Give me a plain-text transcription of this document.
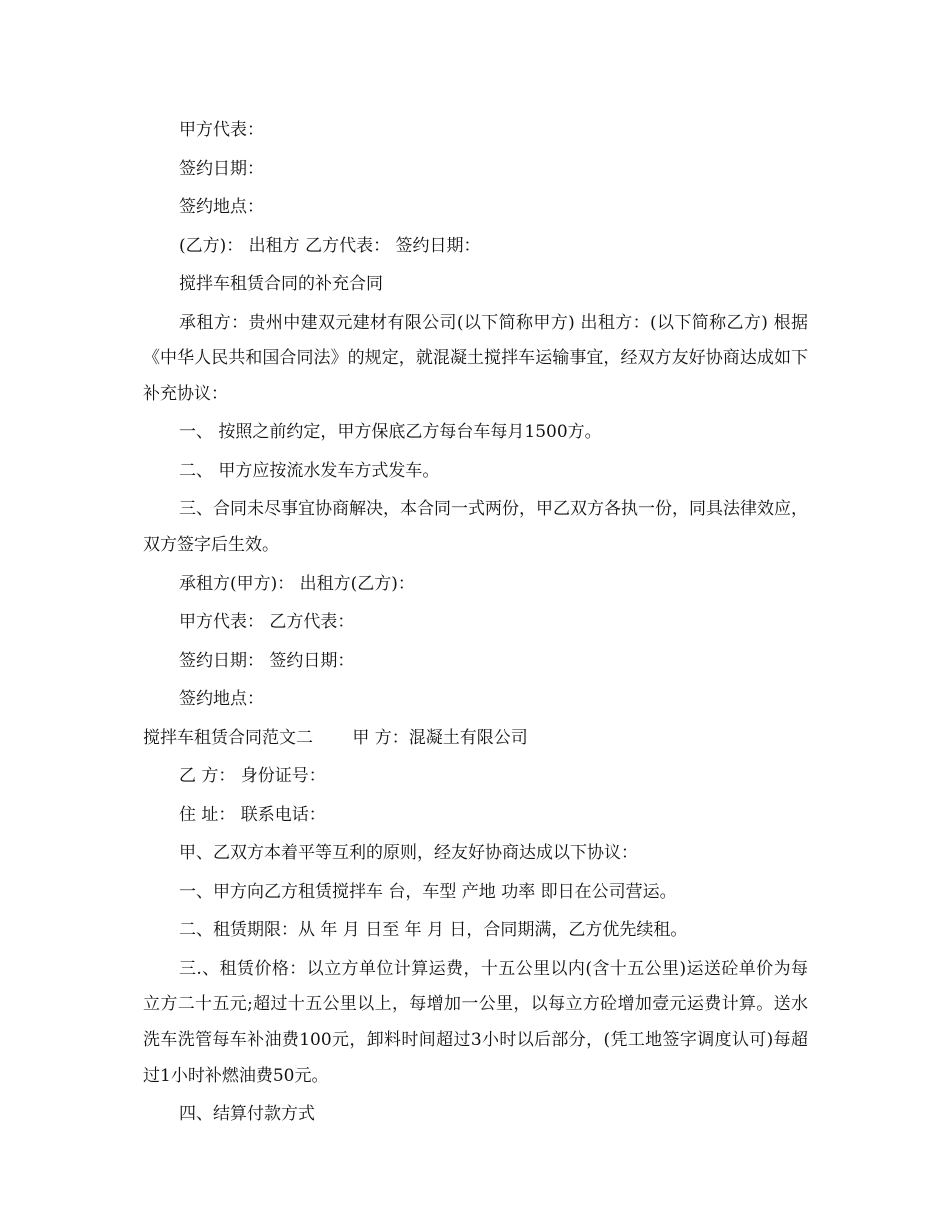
甲方代表：

签约日期：

签约地点：

(乙方)： 出租方 乙方代表： 签约日期：

搅拌车租赁合同的补充合同

承租方：贵州中建双元建材有限公司(以下简称甲方) 出租方：(以下简称乙方) 根据《中华人民共和国合同法》的规定，就混凝土搅拌车运输事宜，经双方友好协商达成如下补充协议：

一、 按照之前约定，甲方保底乙方每台车每月1500方。

二、 甲方应按流水发车方式发车。

三、合同未尽事宜协商解决，本合同一式两份，甲乙双方各执一份，同具法律效应，双方签字后生效。

承租方(甲方)： 出租方(乙方)：

甲方代表： 乙方代表：

签约日期： 签约日期：

签约地点：

搅拌车租赁合同范文二 　　甲 方：混凝土有限公司

乙 方： 身份证号：

住 址： 联系电话：

甲、乙双方本着平等互利的原则，经友好协商达成以下协议：

一、甲方向乙方租赁搅拌车 台，车型 产地 功率 即日在公司营运。

二、租赁期限：从 年 月 日至 年 月 日，合同期满，乙方优先续租。

三.、租赁价格：以立方单位计算运费，十五公里以内(含十五公里)运送砼单价为每立方二十五元;超过十五公里以上，每增加一公里，以每立方砼增加壹元运费计算。送水洗车洗管每车补油费100元，卸料时间超过3小时以后部分，(凭工地签字调度认可)每超过1小时补燃油费50元。

四、结算付款方式
